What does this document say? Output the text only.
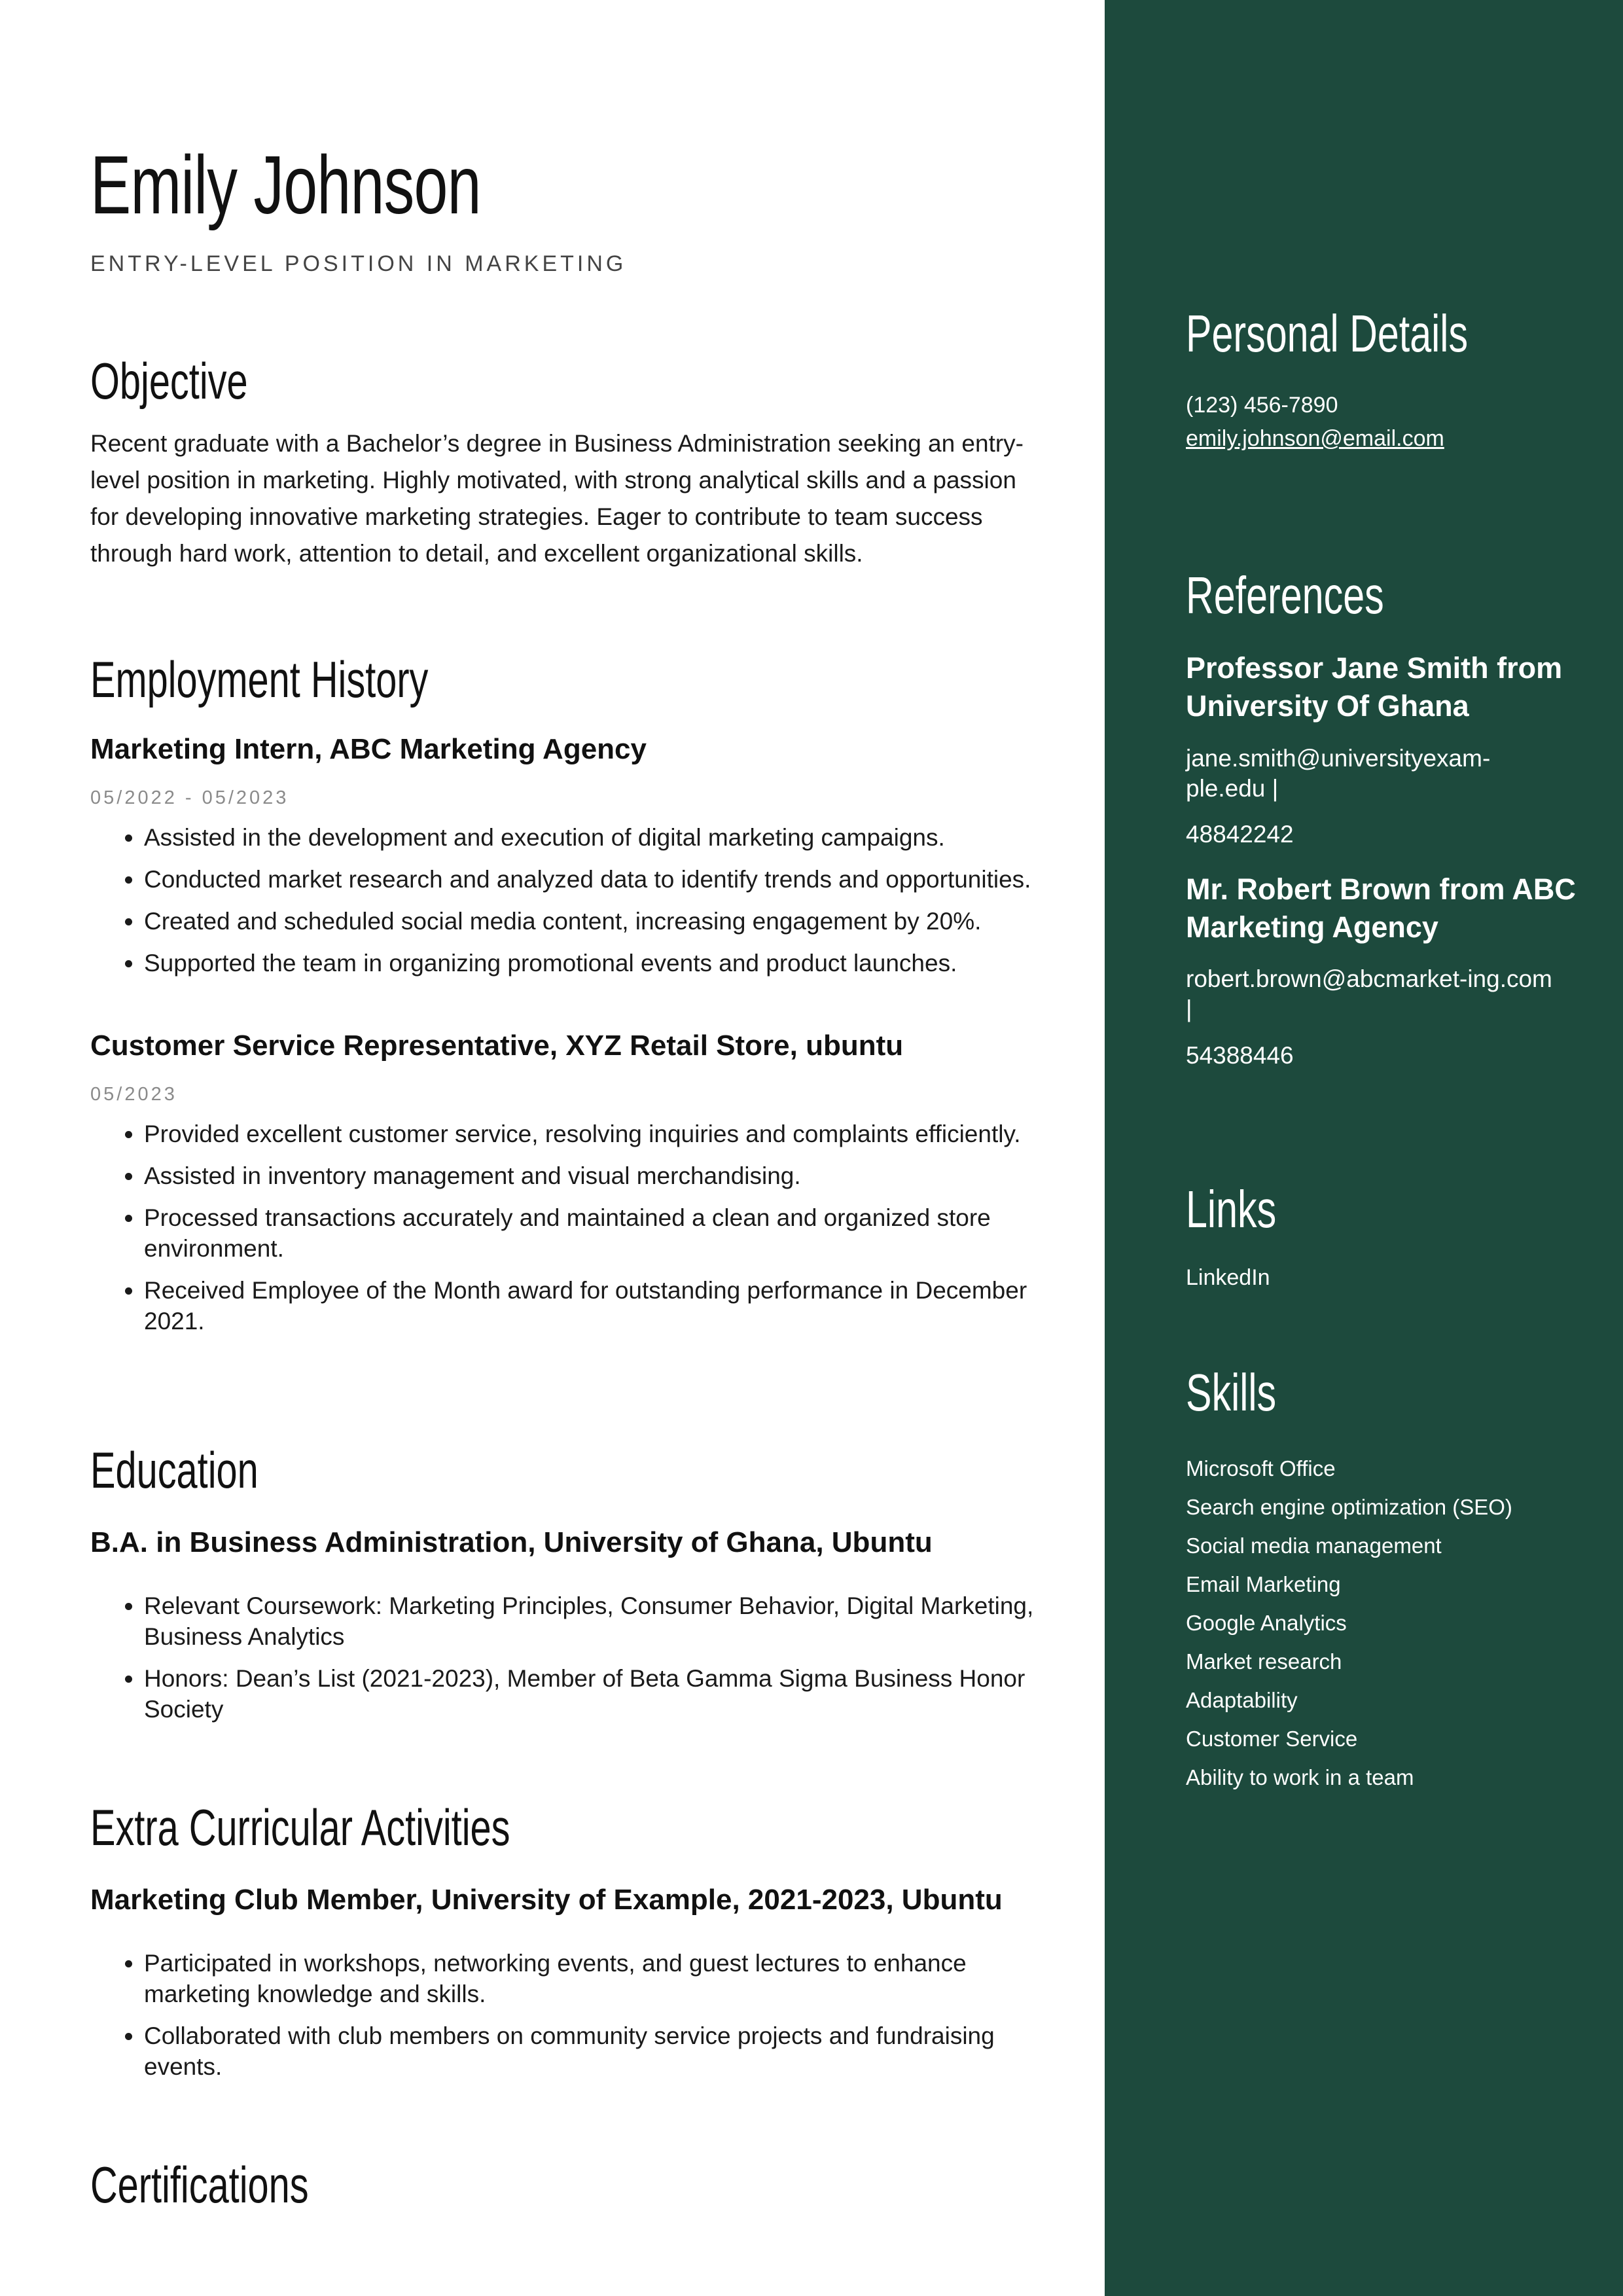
Emily Johnson
ENTRY-LEVEL POSITION IN MARKETING
Objective

Recent graduate with a Bachelor’s degree in Business Administration seeking an entry-level position in marketing. Highly motivated, with strong analytical skills and a passion for developing innovative marketing strategies. Eager to contribute to team success through hard work, attention to detail, and excellent organizational skills.

Employment History
Marketing Intern, ABC Marketing Agency
05/2022 - 05/2023
• Assisted in the development and execution of digital marketing campaigns.
• Conducted market research and analyzed data to identify trends and opportunities.
• Created and scheduled social media content, increasing engagement by 20%.
• Supported the team in organizing promotional events and product launches.
Customer Service Representative, XYZ Retail Store, ubuntu
05/2023
• Provided excellent customer service, resolving inquiries and complaints efficiently.
• Assisted in inventory management and visual merchandising.
• Processed transactions accurately and maintained a clean and organized store environment.
• Received Employee of the Month award for outstanding performance in December 2021.
Education
B.A. in Business Administration, University of Ghana, Ubuntu
• Relevant Coursework: Marketing Principles, Consumer Behavior, Digital Marketing, Business Analytics
• Honors: Dean’s List (2021-2023), Member of Beta Gamma Sigma Business Honor Society
Extra Curricular Activities
Marketing Club Member, University of Example, 2021-2023, Ubuntu
• Participated in workshops, networking events, and guest lectures to enhance marketing knowledge and skills.
• Collaborated with club members on community service projects and fundraising events.
Certifications
Personal Details
(123) 456-7890
emily.johnson@email.com
References
Professor Jane Smith from University Of Ghana
jane.smith@universityexam-ple.edu |
48842242
Mr. Robert Brown from ABC Marketing Agency
robert.brown@abcmarket-ing.com |
54388446
Links
LinkedIn
Skills
Microsoft Office
Search engine optimization (SEO)
Social media management
Email Marketing
Google Analytics
Market research
Adaptability
Customer Service
Ability to work in a team
